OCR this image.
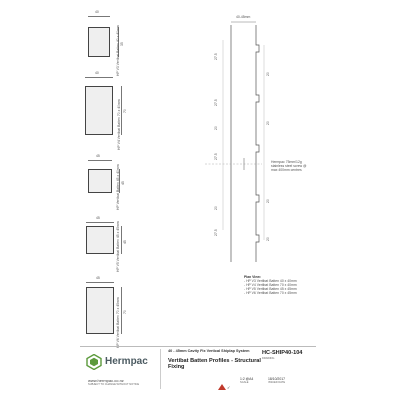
40
35
HP V3 Vertibat Batten 40 x 40mm
40
70
HP V4 Vertibat Batten 70 x 40mm
45
45
HP Vertibat Batten 45 x 40mm
45
45
HP V5 Vertibat Batten 45 x 45mm
45
70
HP V6 Vertibat Batten 70 x 45mm
40-45mm
27.5
27.5
20
27.5
20
27.5
20
20
20
20
Hermpac 75mm/12g
stainless steel screw @
max 400mm centres
Plan View:
- HP V3 Vertibat Batten 40 x 40mm
- HP V4 Vertibat Batten 70 x 40mm
- HP V5 Vertibat Batten 45 x 45mm
- HP V6 Vertibat Batten 70 x 45mm
Hermpac
www.hermpac.co.nz
SUBJECT TO CHANGE WITHOUT NOTICE
40 - 45mm Cavity Fix Vertical Shiplap System
Vertibat Batten Profiles - Structural
Fixing
✓
1:2 @A4
SCALE
18/10/2017
ISSUED DATE
HC-SHIP40-104
DRAWING
